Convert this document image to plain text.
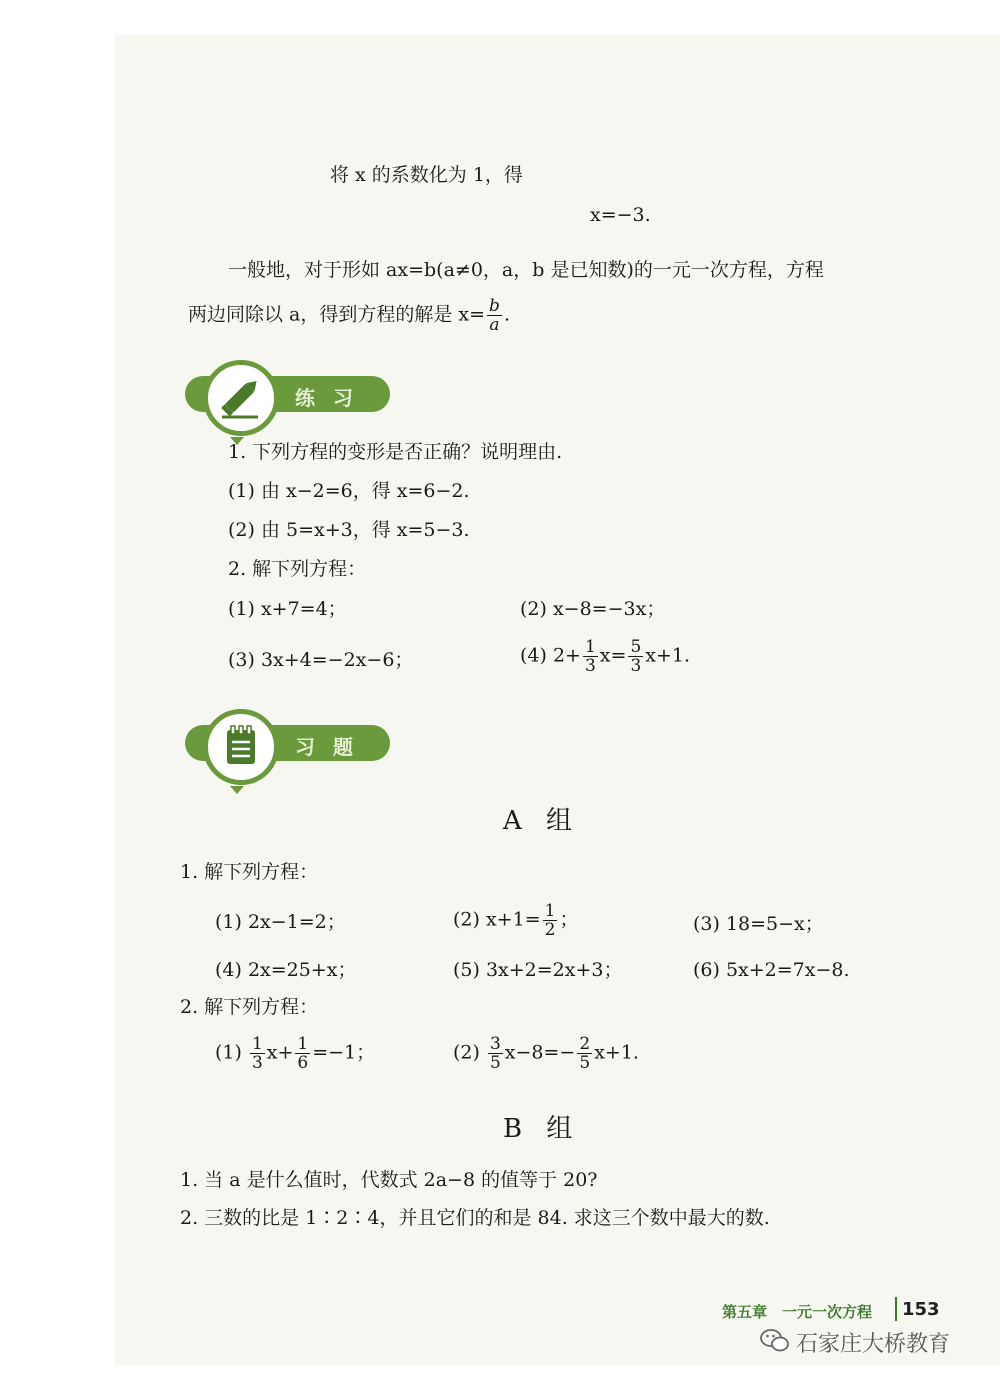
将 x 的系数化为 1，得
x=−3.
一般地，对于形如 ax=b(a≠0，a，b 是已知数)的一元一次方程，方程
两边同除以 a，得到方程的解是 $x= \frac{b}{a}$ .
练习
1. 下列方程的变形是否正确？说明理由.
(1) 由 x−2=6，得 x=6−2.
(2) 由 5=x+3，得 x=5−3.
2. 解下列方程：
(1) x+7=4；	(2) x−8=−3x；
(3) 3x+4=−2x−6；	(4) $2+ \frac{1}{3} x= \frac{5}{3} x+1$.
习题
A 组
1. 解下列方程：
(1) 2x−1=2；	(2) $x+1= \frac{1}{2}$ ；	(3) 18=5−x；
(4) 2x=25+x；	(5) 3x+2=2x+3；	(6) 5x+2=7x−8.
2. 解下列方程：
$(1) \frac{1}{3} x+ \frac{1}{6} =-1$；	$(2) \frac{3}{5} x-8=- \frac{2}{5} x+1$.
B 组
1. 当 a 是什么值时，代数式 2a−8 的值等于 20?
2. 三数的比是 1∶2∶4，并且它们的和是 84. 求这三个数中最大的数.
第五章　一元一次方程 153
石家庄大桥教育
